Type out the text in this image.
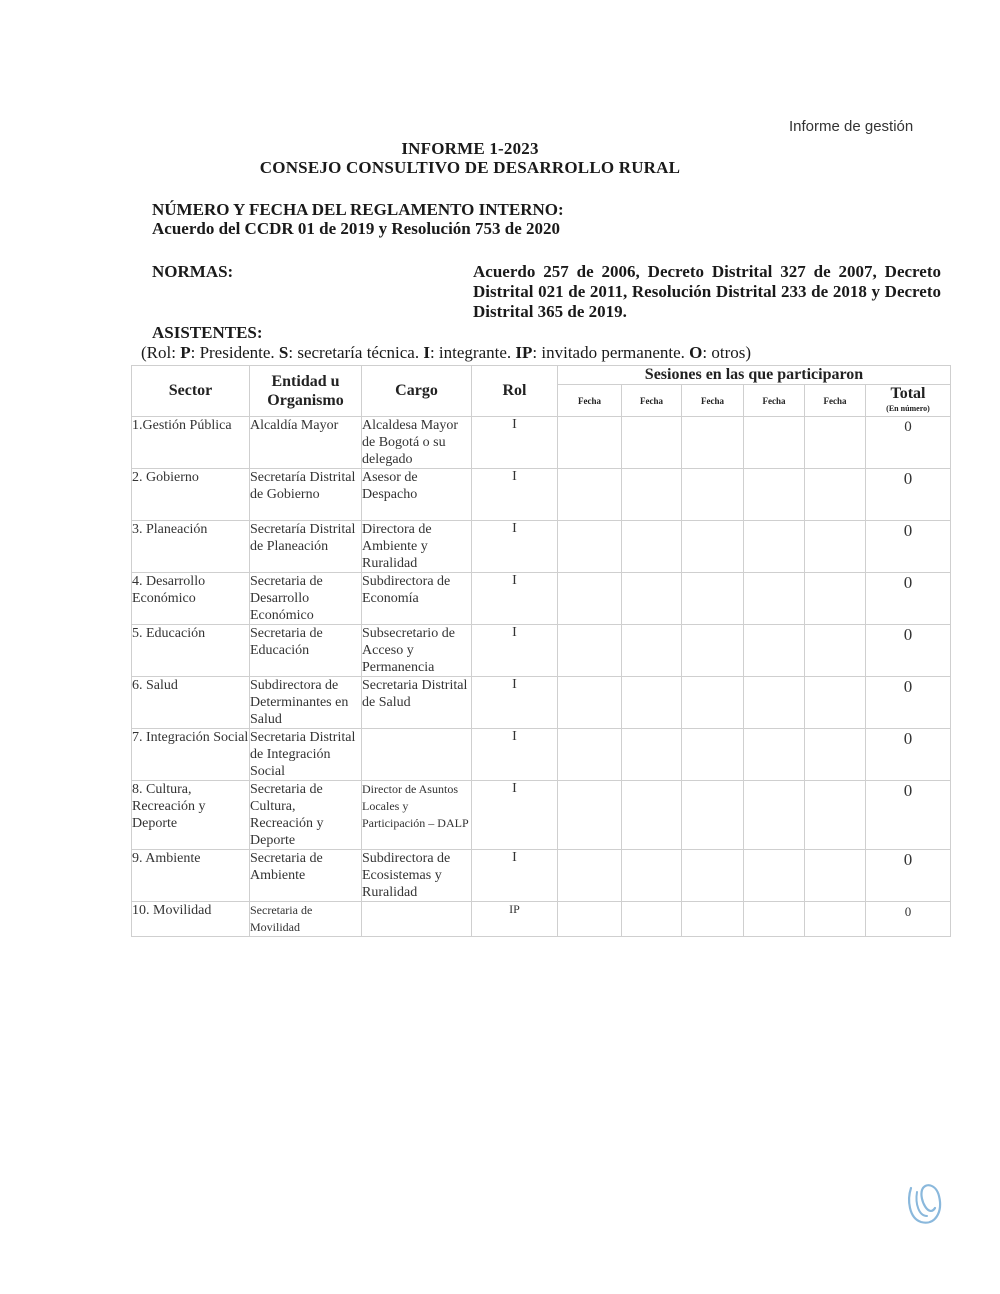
Informe de gestión
INFORME 1-2023
CONSEJO CONSULTIVO DE DESARROLLO RURAL
NÚMERO Y FECHA DEL REGLAMENTO INTERNO:
Acuerdo del CCDR 01 de 2019 y Resolución 753 de 2020
NORMAS:	Acuerdo 257 de 2006, Decreto Distrital 327 de 2007, Decreto Distrital 021 de 2011, Resolución Distrital 233 de 2018 y Decreto Distrital 365 de 2019.
ASISTENTES:
(Rol: P: Presidente. S: secretaría técnica. I: integrante. IP: invitado permanente. O: otros)
Sector	Entidad u Organismo	Cargo	Rol	Sesiones en las que participaron					
				Fecha	Fecha	Fecha	Fecha	Fecha	Total
(En número)

1.Gestión Pública	Alcaldía Mayor	Alcaldesa Mayor de Bogotá o su delegado	I						0
2. Gobierno	Secretaría Distrital de Gobierno	Asesor de Despacho	I						0
3. Planeación	Secretaría Distrital de Planeación	Directora de Ambiente y Ruralidad	I						0
4. Desarrollo Económico	Secretaria de Desarrollo Económico	Subdirectora de Economía	I						0
5. Educación	Secretaria de Educación	Subsecretario de Acceso y Permanencia	I						0
6. Salud	Subdirectora de Determinantes en Salud	Secretaria Distrital de Salud	I						0
7. Integración Social	Secretaria Distrital de Integración Social		I						0
8. Cultura, Recreación y Deporte	Secretaria de Cultura, Recreación y Deporte	Director de Asuntos Locales y Participación – DALP	I						0
9. Ambiente	Secretaria de Ambiente	Subdirectora de Ecosistemas y Ruralidad	I						0
10. Movilidad	Secretaria de Movilidad		IP						0
